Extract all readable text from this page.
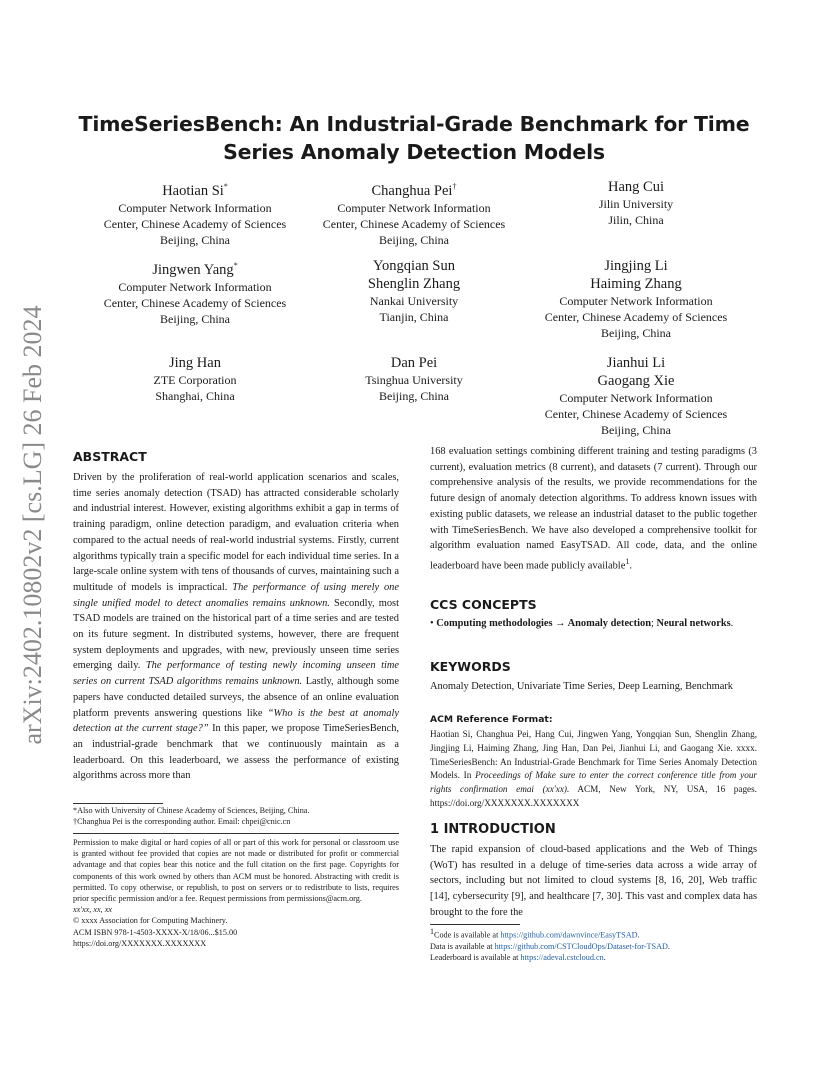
arXiv:2402.10802v2 [cs.LG] 26 Feb 2024
TimeSeriesBench: An Industrial-Grade Benchmark for Time Series Anomaly Detection Models
Haotian Si*
Computer Network Information
Center, Chinese Academy of Sciences
Beijing, China
Changhua Pei†
Computer Network Information
Center, Chinese Academy of Sciences
Beijing, China
Hang Cui
Jilin University
Jilin, China
Jingwen Yang*
Computer Network Information
Center, Chinese Academy of Sciences
Beijing, China
Yongqian Sun
Shenglin Zhang
Nankai University
Tianjin, China
Jingjing Li
Haiming Zhang
Computer Network Information
Center, Chinese Academy of Sciences
Beijing, China
Jing Han
ZTE Corporation
Shanghai, China
Dan Pei
Tsinghua University
Beijing, China
Jianhui Li
Gaogang Xie
Computer Network Information
Center, Chinese Academy of Sciences
Beijing, China
ABSTRACT
Driven by the proliferation of real-world application scenarios and scales, time series anomaly detection (TSAD) has attracted considerable scholarly and industrial interest. However, existing algorithms exhibit a gap in terms of training paradigm, online detection paradigm, and evaluation criteria when compared to the actual needs of real-world industrial systems. Firstly, current algorithms typically train a specific model for each individual time series. In a large-scale online system with tens of thousands of curves, maintaining such a multitude of models is impractical. The performance of using merely one single unified model to detect anomalies remains unknown. Secondly, most TSAD models are trained on the historical part of a time series and are tested on its future segment. In distributed systems, however, there are frequent system deployments and upgrades, with new, previously unseen time series emerging daily. The performance of testing newly incoming unseen time series on current TSAD algorithms remains unknown. Lastly, although some papers have conducted detailed surveys, the absence of an online evaluation platform prevents answering questions like “Who is the best at anomaly detection at the current stage?” In this paper, we propose TimeSeriesBench, an industrial-grade benchmark that we continuously maintain as a leaderboard. On this leaderboard, we assess the performance of existing algorithms across more than
*Also with University of Chinese Academy of Sciences, Beijing, China.
†Changhua Pei is the corresponding author. Email: chpei@cnic.cn
Permission to make digital or hard copies of all or part of this work for personal or classroom use is granted without fee provided that copies are not made or distributed for profit or commercial advantage and that copies bear this notice and the full citation on the first page. Copyrights for components of this work owned by others than ACM must be honored. Abstracting with credit is permitted. To copy otherwise, or republish, to post on servers or to redistribute to lists, requires prior specific permission and/or a fee. Request permissions from permissions@acm.org.
xx'xx, xx, xx
© xxxx Association for Computing Machinery.
ACM ISBN 978-1-4503-XXXX-X/18/06...$15.00
https://doi.org/XXXXXXX.XXXXXXX
168 evaluation settings combining different training and testing paradigms (3 current), evaluation metrics (8 current), and datasets (7 current). Through our comprehensive analysis of the results, we provide recommendations for the future design of anomaly detection algorithms. To address known issues with existing public datasets, we release an industrial dataset to the public together with TimeSeriesBench. We have also developed a comprehensive toolkit for algorithm evaluation named EasyTSAD. All code, data, and the online leaderboard have been made publicly available$^1$.
CCS CONCEPTS
• Computing methodologies → Anomaly detection; Neural networks.
KEYWORDS
Anomaly Detection, Univariate Time Series, Deep Learning, Benchmark
ACM Reference Format:
Haotian Si, Changhua Pei, Hang Cui, Jingwen Yang, Yongqian Sun, Shenglin Zhang, Jingjing Li, Haiming Zhang, Jing Han, Dan Pei, Jianhui Li, and Gaogang Xie. xxxx. TimeSeriesBench: An Industrial-Grade Benchmark for Time Series Anomaly Detection Models. In Proceedings of Make sure to enter the correct conference title from your rights confirmation emai (xx'xx). ACM, New York, NY, USA, 16 pages. https://doi.org/XXXXXXX.XXXXXXX
1 INTRODUCTION
The rapid expansion of cloud-based applications and the Web of Things (WoT) has resulted in a deluge of time-series data across a wide array of sectors, including but not limited to cloud systems [8, 16, 20], Web traffic [14], cybersecurity [9], and healthcare [7, 30]. This vast and complex data has brought to the fore the
$^1$Code is available at https://github.com/dawnvince/EasyTSAD.
Data is available at https://github.com/CSTCloudOps/Dataset-for-TSAD.
Leaderboard is available at https://adeval.cstcloud.cn.
